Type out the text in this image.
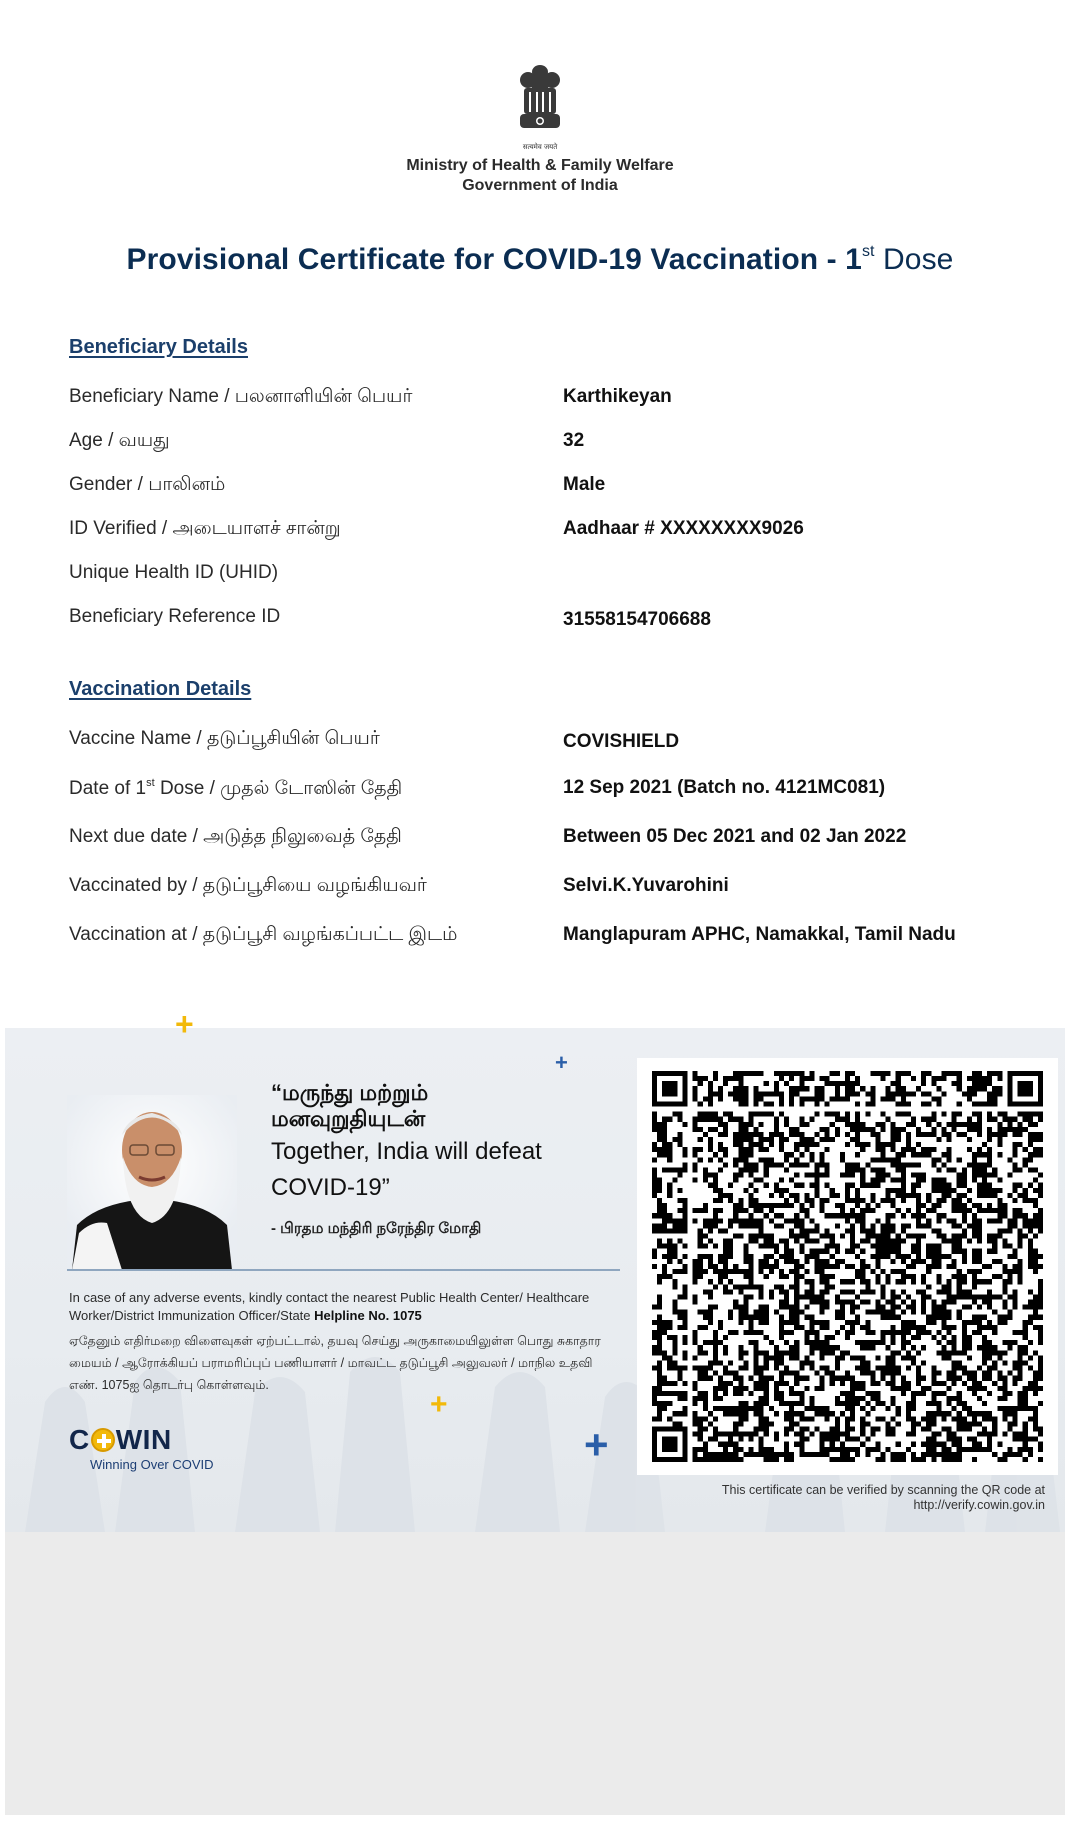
सत्यमेव जयते
Ministry of Health & Family Welfare
Government of India
Provisional Certificate for COVID-19 Vaccination - 1st Dose
Beneficiary Details
Beneficiary Name / பலனாளியின் பெயர்	Karthikeyan
Age / வயது	32
Gender / பாலினம்	Male
ID Verified / அடையாளச் சான்று	Aadhaar # XXXXXXXX9026
Unique Health ID (UHID)
Beneficiary Reference ID	31558154706688
Vaccination Details
Vaccine Name / தடுப்பூசியின் பெயர்	COVISHIELD
Date of 1st Dose / முதல் டோஸின் தேதி	12 Sep 2021 (Batch no. 4121MC081)
Next due date / அடுத்த நிலுவைத் தேதி	Between 05 Dec 2021 and 02 Jan 2022
Vaccinated by / தடுப்பூசியை வழங்கியவர்	Selvi.K.Yuvarohini
Vaccination at / தடுப்பூசி வழங்கப்பட்ட இடம்	Manglapuram APHC, Namakkal, Tamil Nadu
+
+
+
+
“மருந்து மற்றும்
மனவுறுதியுடன்
Together, India will defeat
COVID-19”
- பிரதம மந்திரி நரேந்திர மோதி
In case of any adverse events, kindly contact the nearest Public Health Center/ Healthcare Worker/District Immunization Officer/State Helpline No. 1075
ஏதேனும் எதிர்மறை விளைவுகள் ஏற்பட்டால், தயவு செய்து அருகாமையிலுள்ள பொது சுகாதார மையம் / ஆரோக்கியப் பராமரிப்புப் பணியாளர் / மாவட்ட தடுப்பூசி அலுவலர் / மாநில உதவி எண். 1075ஐ தொடர்பு கொள்ளவும்.
C WIN
Winning Over COVID
This certificate can be verified by scanning the QR code at
http://verify.cowin.gov.in
